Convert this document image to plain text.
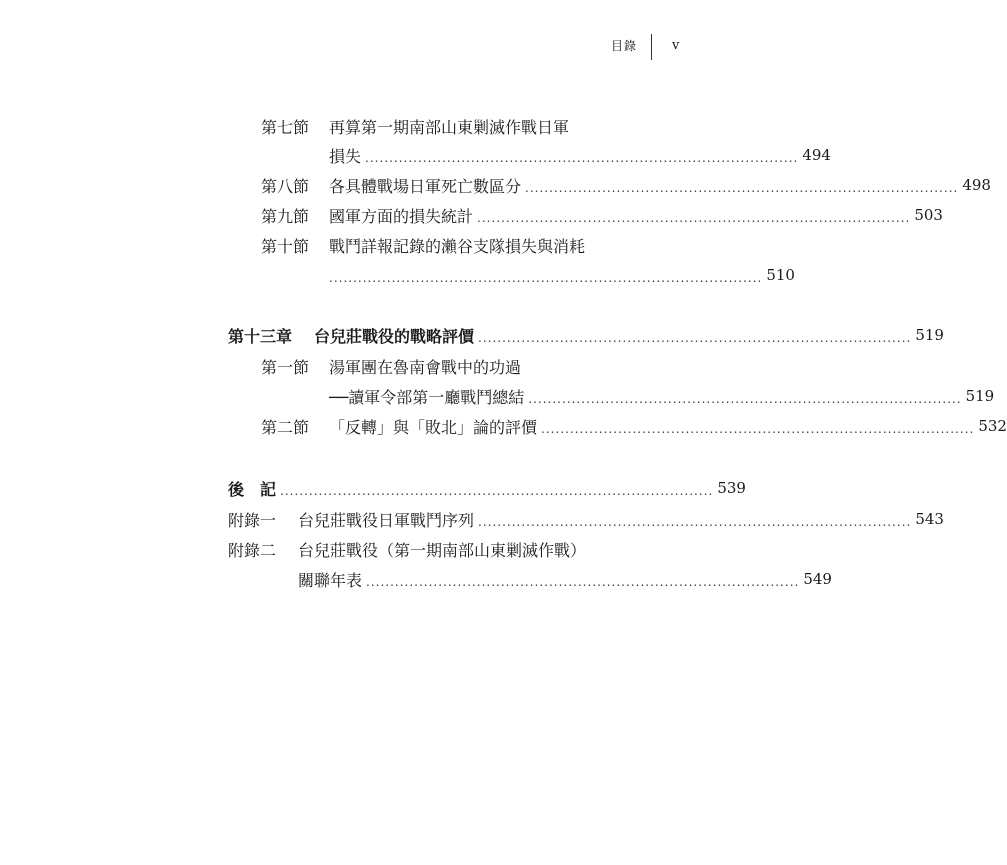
目錄	v
第七節	再算第一期南部山東剿滅作戰日軍
損失 .......................................................................................... 494
第八節	各具體戰場日軍死亡數區分 .......................................................................................... 498
第九節	國軍方面的損失統計 .......................................................................................... 503
第十節	戰鬥詳報記錄的瀨谷支隊損失與消耗
.......................................................................................... 510
第十三章	台兒莊戰役的戰略評價 .......................................................................................... 519
第一節	湯軍團在魯南會戰中的功過
──讀軍令部第一廳戰鬥總結 .......................................................................................... 519
第二節	「反轉」與「敗北」論的評價 .......................................................................................... 532
後　記 .......................................................................................... 539
附錄一	台兒莊戰役日軍戰鬥序列 .......................................................................................... 543
附錄二	台兒莊戰役（第一期南部山東剿滅作戰）
關聯年表 .......................................................................................... 549
